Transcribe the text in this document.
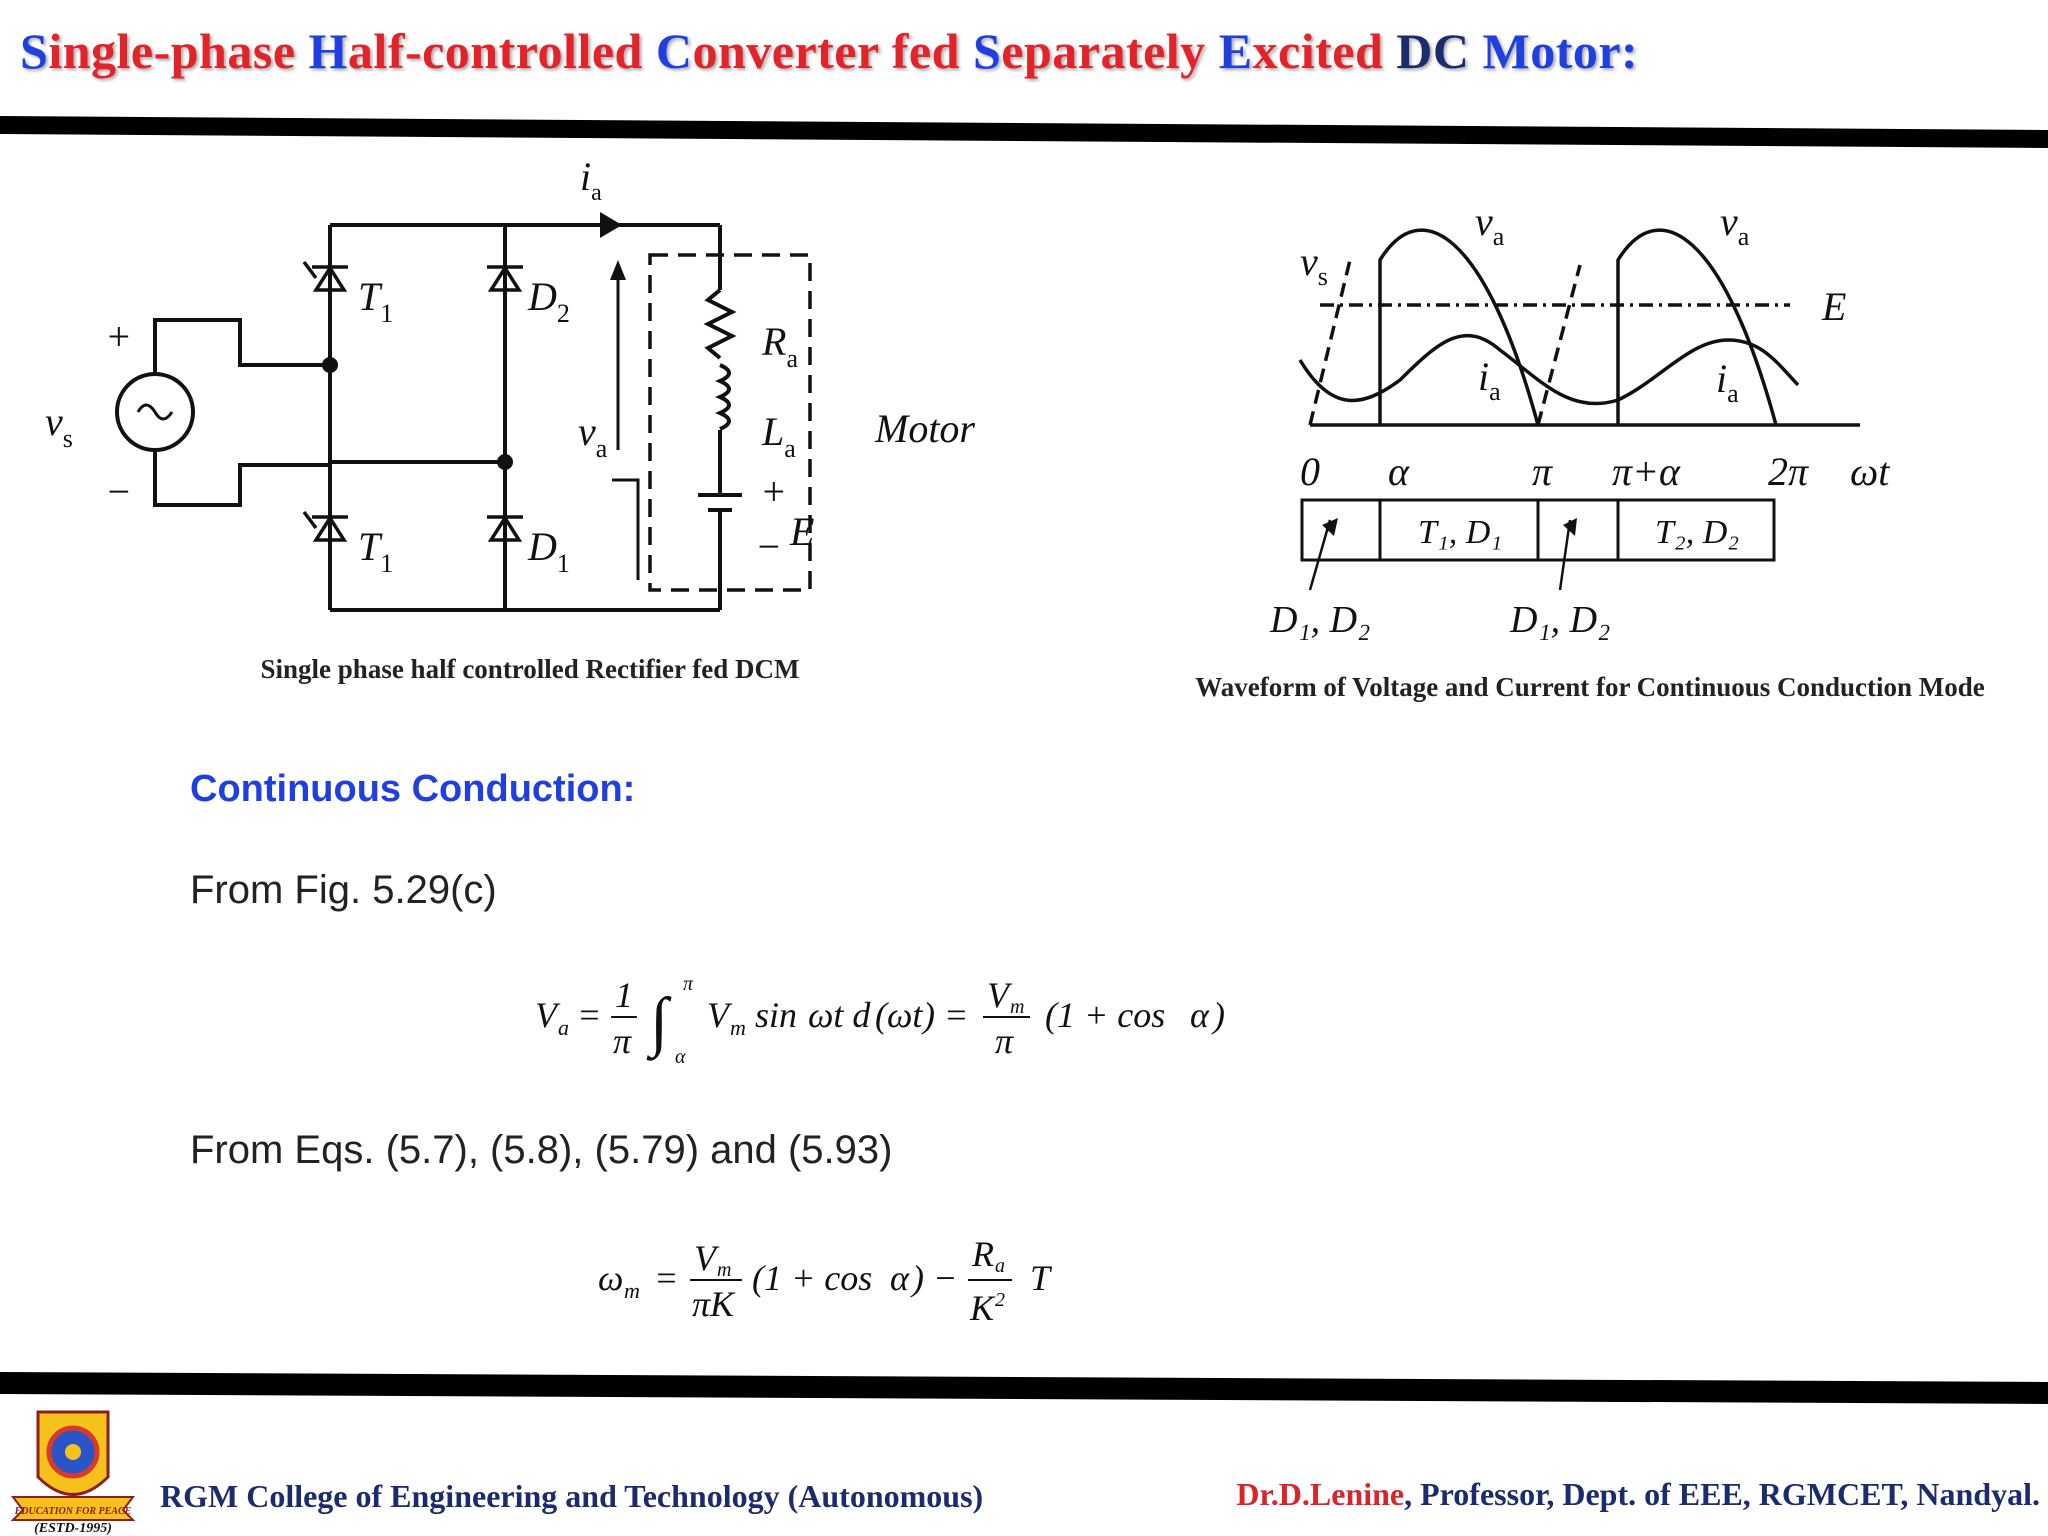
Single-phase Half-controlled Converter fed Separately Excited DC Motor:
$i_a$
$T_1$	$D_2$
$R_a$
$L_a$ Motor
$v_a$
$v_s$
$T_1$	$D_1$
E
+
−	+
−
Single phase half controlled Rectifier fed DCM
$v_s$
$v_a$	$v_a$
E
$i_a$	$i_a$
0 α	π π+α 2π ωt
T₁, D₁	T₂, D₂
D₁, D₂	D₁, D₂
Waveform of Voltage and Current for Continuous Conduction Mode
Continuous Conduction:
From Fig. 5.29(c)
V a = 1
π ∫
π
α
V m sin ωt d ( ωt ) = V m
π
(1 + cos α )
From Eqs. (5.7), (5.8), (5.79) and (5.93)
ω m = V m
πK
(1 + cos α ) −
R a
K 2
T
EDUCATION FOR PEACE
(ESTD-1995)
RGM College of Engineering and Technology (Autonomous)	Dr.D.Lenine, Professor, Dept. of EEE, RGMCET, Nandyal.
